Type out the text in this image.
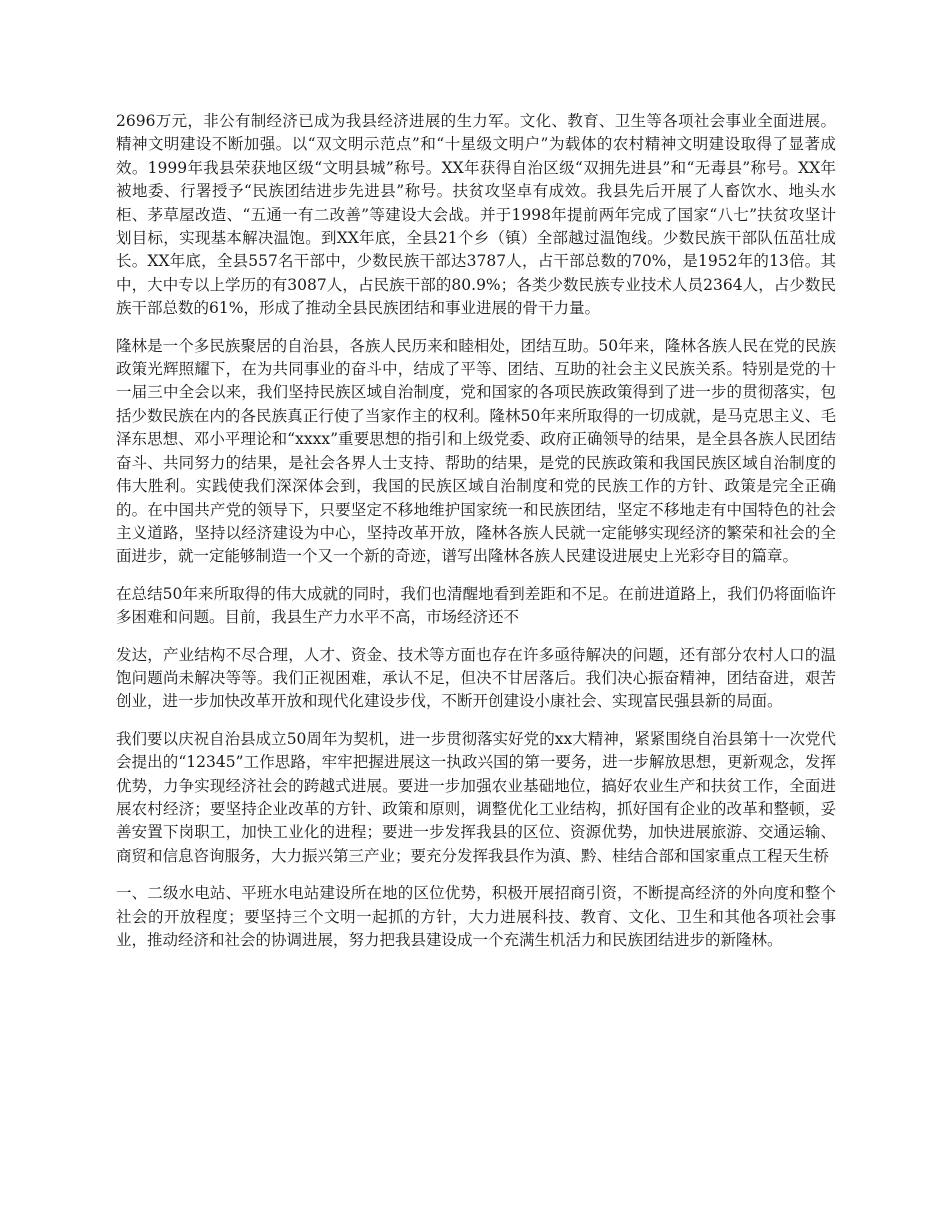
2696万元，非公有制经济已成为我县经济进展的生力军。文化、教育、卫生等各项社会事业全面进展。精神文明建设不断加强。以“双文明示范点”和“十星级文明户”为载体的农村精神文明建设取得了显著成效。1999年我县荣获地区级“文明县城”称号。XX年获得自治区级“双拥先进县”和“无毒县”称号。XX年被地委、行署授予“民族团结进步先进县”称号。扶贫攻坚卓有成效。我县先后开展了人畜饮水、地头水柜、茅草屋改造、“五通一有二改善”等建设大会战。并于1998年提前两年完成了国家“八七”扶贫攻坚计划目标，实现基本解决温饱。到XX年底，全县21个乡（镇）全部越过温饱线。少数民族干部队伍茁壮成长。XX年底，全县557名干部中，少数民族干部达3787人，占干部总数的70%，是1952年的13倍。其中，大中专以上学历的有3087人，占民族干部的80.9%；各类少数民族专业技术人员2364人，占少数民族干部总数的61%，形成了推动全县民族团结和事业进展的骨干力量。

隆林是一个多民族聚居的自治县，各族人民历来和睦相处，团结互助。50年来，隆林各族人民在党的民族政策光辉照耀下，在为共同事业的奋斗中，结成了平等、团结、互助的社会主义民族关系。特别是党的十一届三中全会以来，我们坚持民族区域自治制度，党和国家的各项民族政策得到了进一步的贯彻落实，包括少数民族在内的各民族真正行使了当家作主的权利。隆林50年来所取得的一切成就，是马克思主义、毛泽东思想、邓小平理论和“xxxx”重要思想的指引和上级党委、政府正确领导的结果，是全县各族人民团结奋斗、共同努力的结果，是社会各界人士支持、帮助的结果，是党的民族政策和我国民族区域自治制度的伟大胜利。实践使我们深深体会到，我国的民族区域自治制度和党的民族工作的方针、政策是完全正确的。在中国共产党的领导下，只要坚定不移地维护国家统一和民族团结，坚定不移地走有中国特色的社会主义道路，坚持以经济建设为中心，坚持改革开放，隆林各族人民就一定能够实现经济的繁荣和社会的全面进步，就一定能够制造一个又一个新的奇迹，谱写出隆林各族人民建设进展史上光彩夺目的篇章。

在总结50年来所取得的伟大成就的同时，我们也清醒地看到差距和不足。在前进道路上，我们仍将面临许多困难和问题。目前，我县生产力水平不高，市场经济还不

发达，产业结构不尽合理，人才、资金、技术等方面也存在许多亟待解决的问题，还有部分农村人口的温饱问题尚未解决等等。我们正视困难，承认不足，但决不甘居落后。我们决心振奋精神，团结奋进，艰苦创业，进一步加快改革开放和现代化建设步伐，不断开创建设小康社会、实现富民强县新的局面。

我们要以庆祝自治县成立50周年为契机，进一步贯彻落实好党的xx大精神，紧紧围绕自治县第十一次党代会提出的“12345”工作思路，牢牢把握进展这一执政兴国的第一要务，进一步解放思想，更新观念，发挥优势，力争实现经济社会的跨越式进展。要进一步加强农业基础地位，搞好农业生产和扶贫工作，全面进展农村经济；要坚持企业改革的方针、政策和原则，调整优化工业结构，抓好国有企业的改革和整顿，妥善安置下岗职工，加快工业化的进程；要进一步发挥我县的区位、资源优势，加快进展旅游、交通运输、商贸和信息咨询服务，大力振兴第三产业；要充分发挥我县作为滇、黔、桂结合部和国家重点工程天生桥

一、二级水电站、平班水电站建设所在地的区位优势，积极开展招商引资，不断提高经济的外向度和整个社会的开放程度；要坚持三个文明一起抓的方针，大力进展科技、教育、文化、卫生和其他各项社会事业，推动经济和社会的协调进展，努力把我县建设成一个充满生机活力和民族团结进步的新隆林。
